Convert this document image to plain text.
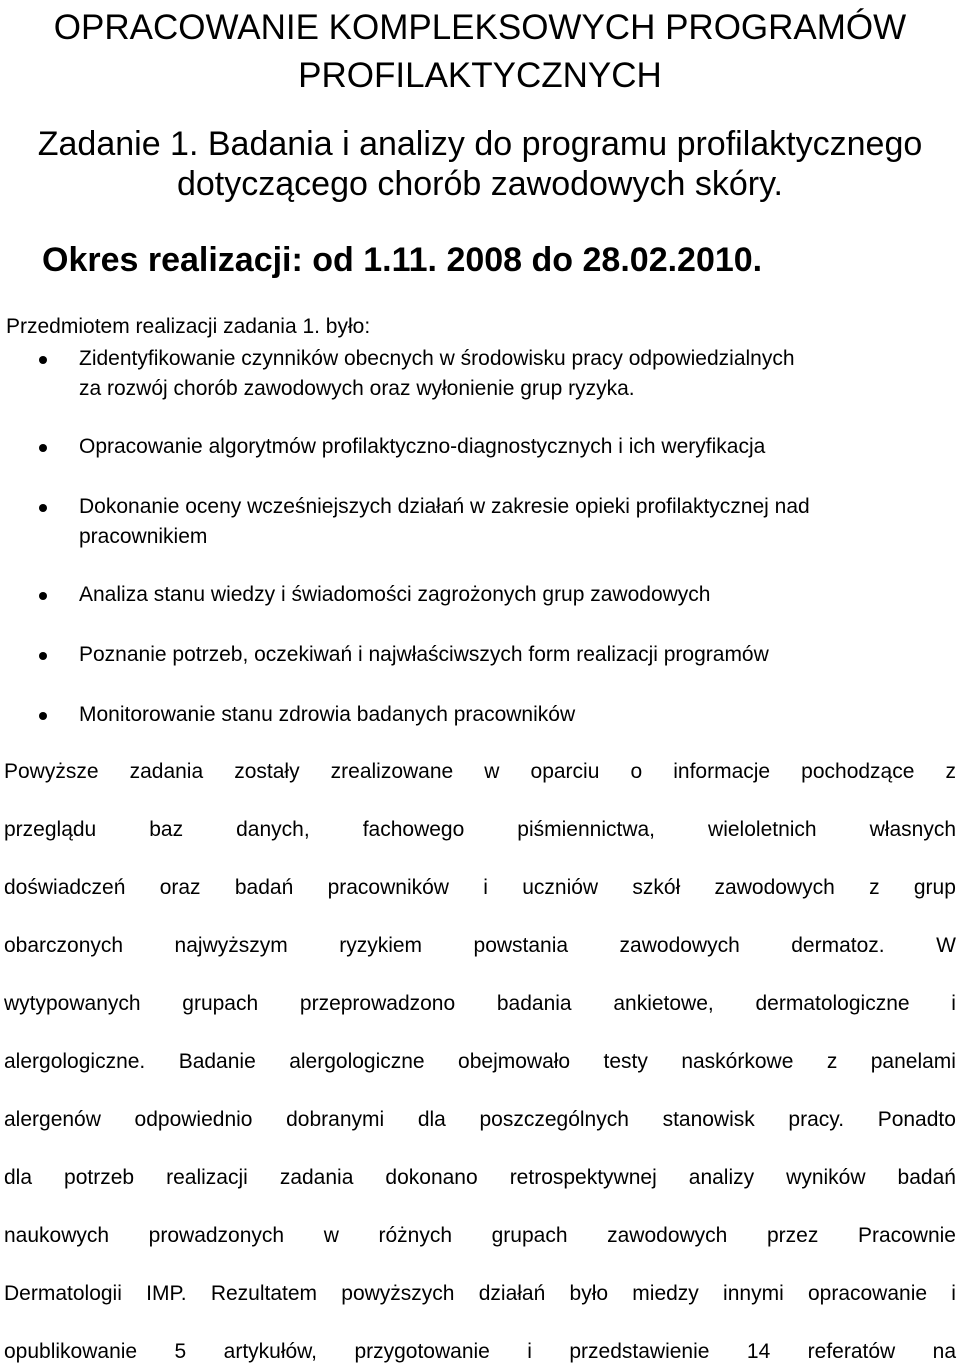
OPRACOWANIE KOMPLEKSOWYCH PROGRAMÓW
PROFILAKTYCZNYCH
Zadanie 1. Badania i analizy do programu profilaktycznego
dotyczącego chorób zawodowych skóry.

Okres realizacji: od 1.11. 2008 do 28.02.2010.

Przedmiotem realizacji zadania 1. było:

Zidentyfikowanie czynników obecnych w środowisku pracy odpowiedzialnych
za rozwój chorób zawodowych oraz wyłonienie grup ryzyka.
Opracowanie algorytmów profilaktyczno-diagnostycznych i ich weryfikacja
Dokonanie oceny wcześniejszych działań w zakresie opieki profilaktycznej nad
pracownikiem
Analiza stanu wiedzy i świadomości zagrożonych grup zawodowych
Poznanie potrzeb, oczekiwań i najwłaściwszych form realizacji programów
Monitorowanie stanu zdrowia badanych pracowników
Powyższe zadania zostały zrealizowane w oparciu o informacje pochodzące z
przeglądu	baz	danych,	fachowego	piśmiennictwa,	wieloletnich	własnych
doświadczeń oraz badań pracowników i uczniów szkół zawodowych z grup
obarczonych najwyższym ryzykiem powstania zawodowych dermatoz. W
wytypowanych grupach przeprowadzono badania ankietowe, dermatologiczne i
alergologiczne. Badanie alergologiczne obejmowało testy naskórkowe z panelami
alergenów odpowiednio dobranymi dla poszczególnych stanowisk pracy. Ponadto
dla potrzeb realizacji zadania dokonano retrospektywnej analizy wyników badań
naukowych prowadzonych w różnych grupach zawodowych przez Pracownie
Dermatologii IMP. Rezultatem powyższych działań było miedzy innymi opracowanie i
opublikowanie 5 artykułów, przygotowanie i przedstawienie 14 referatów na
